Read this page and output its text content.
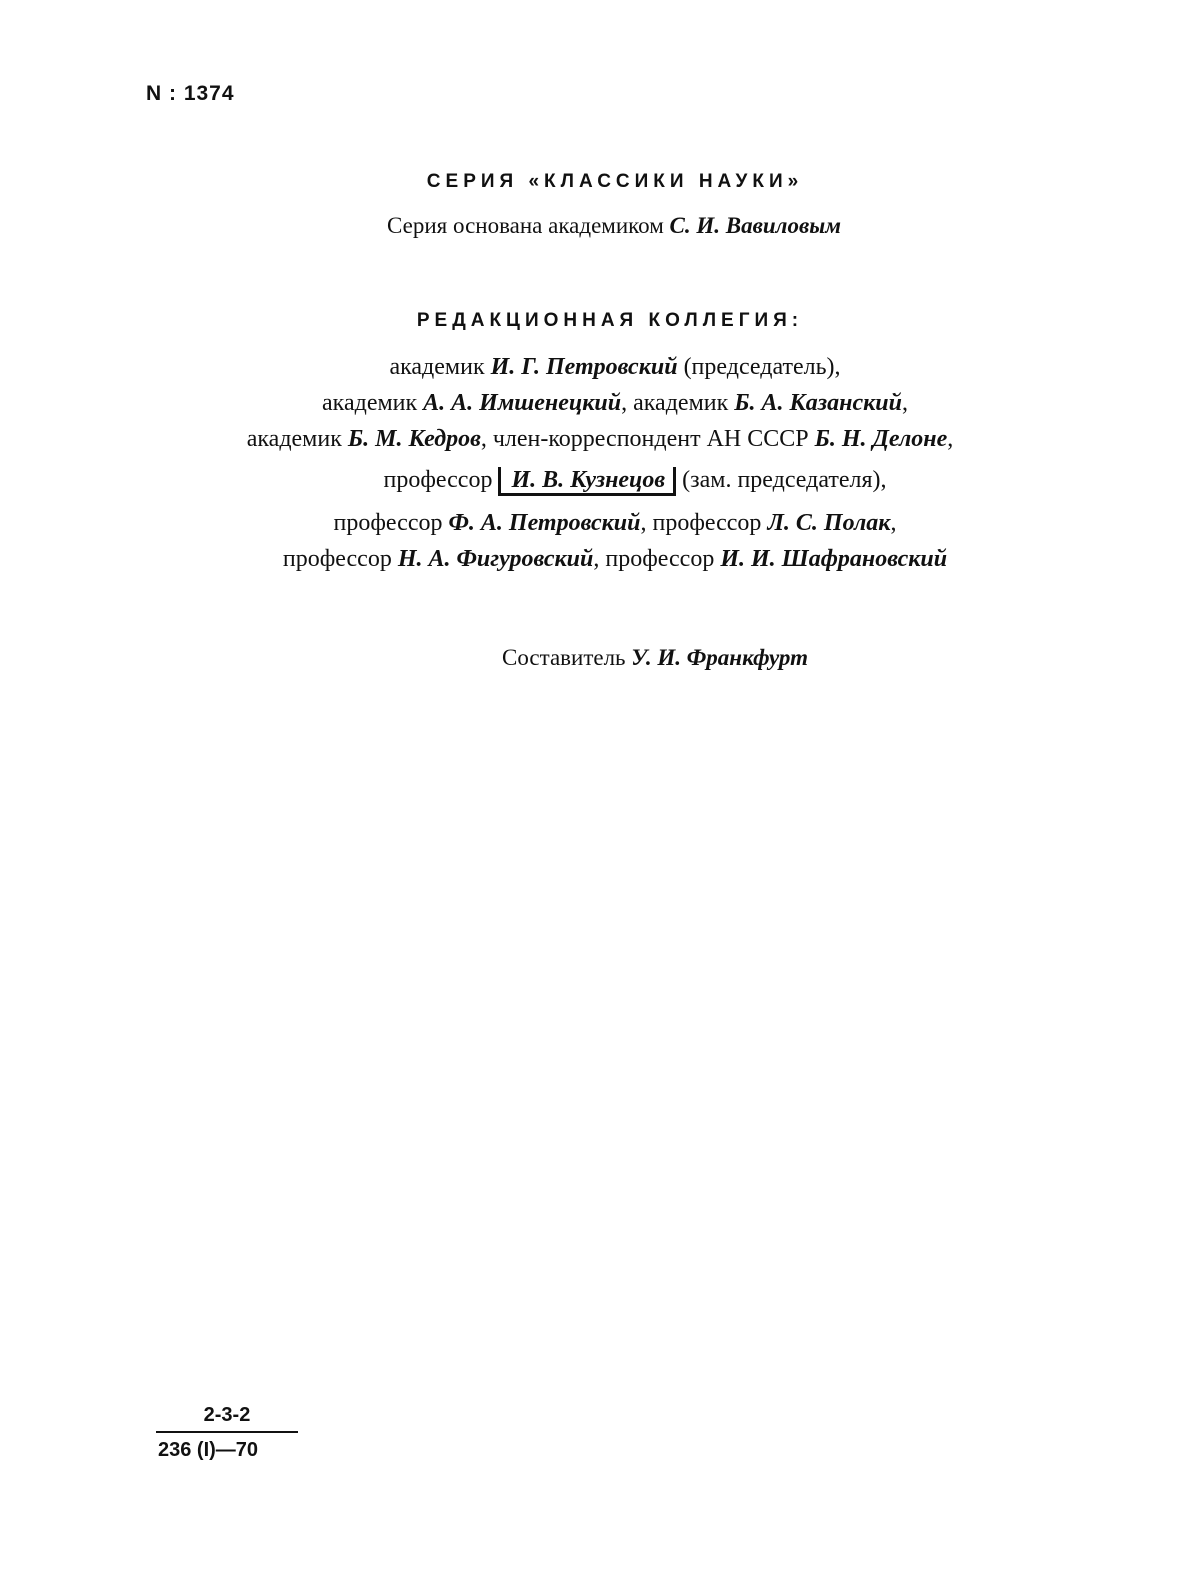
N : 1374
СЕРИЯ «КЛАССИКИ НАУКИ»
Серия основана академиком С. И. Вавиловым
РЕДАКЦИОННАЯ КОЛЛЕГИЯ:
академик И. Г. Петровский (председатель),
академик А. А. Имшенецкий, академик Б. А. Казанский,
академик Б. М. Кедров, член-корреспондент АН СССР Б. Н. Делоне,
профессор И. В. Кузнецов (зам. председателя),
профессор Ф. А. Петровский, профессор Л. С. Полак,
профессор Н. А. Фигуровский, профессор И. И. Шафрановский
Составитель У. И. Франкфурт
2-3-2
236 (I)—70
